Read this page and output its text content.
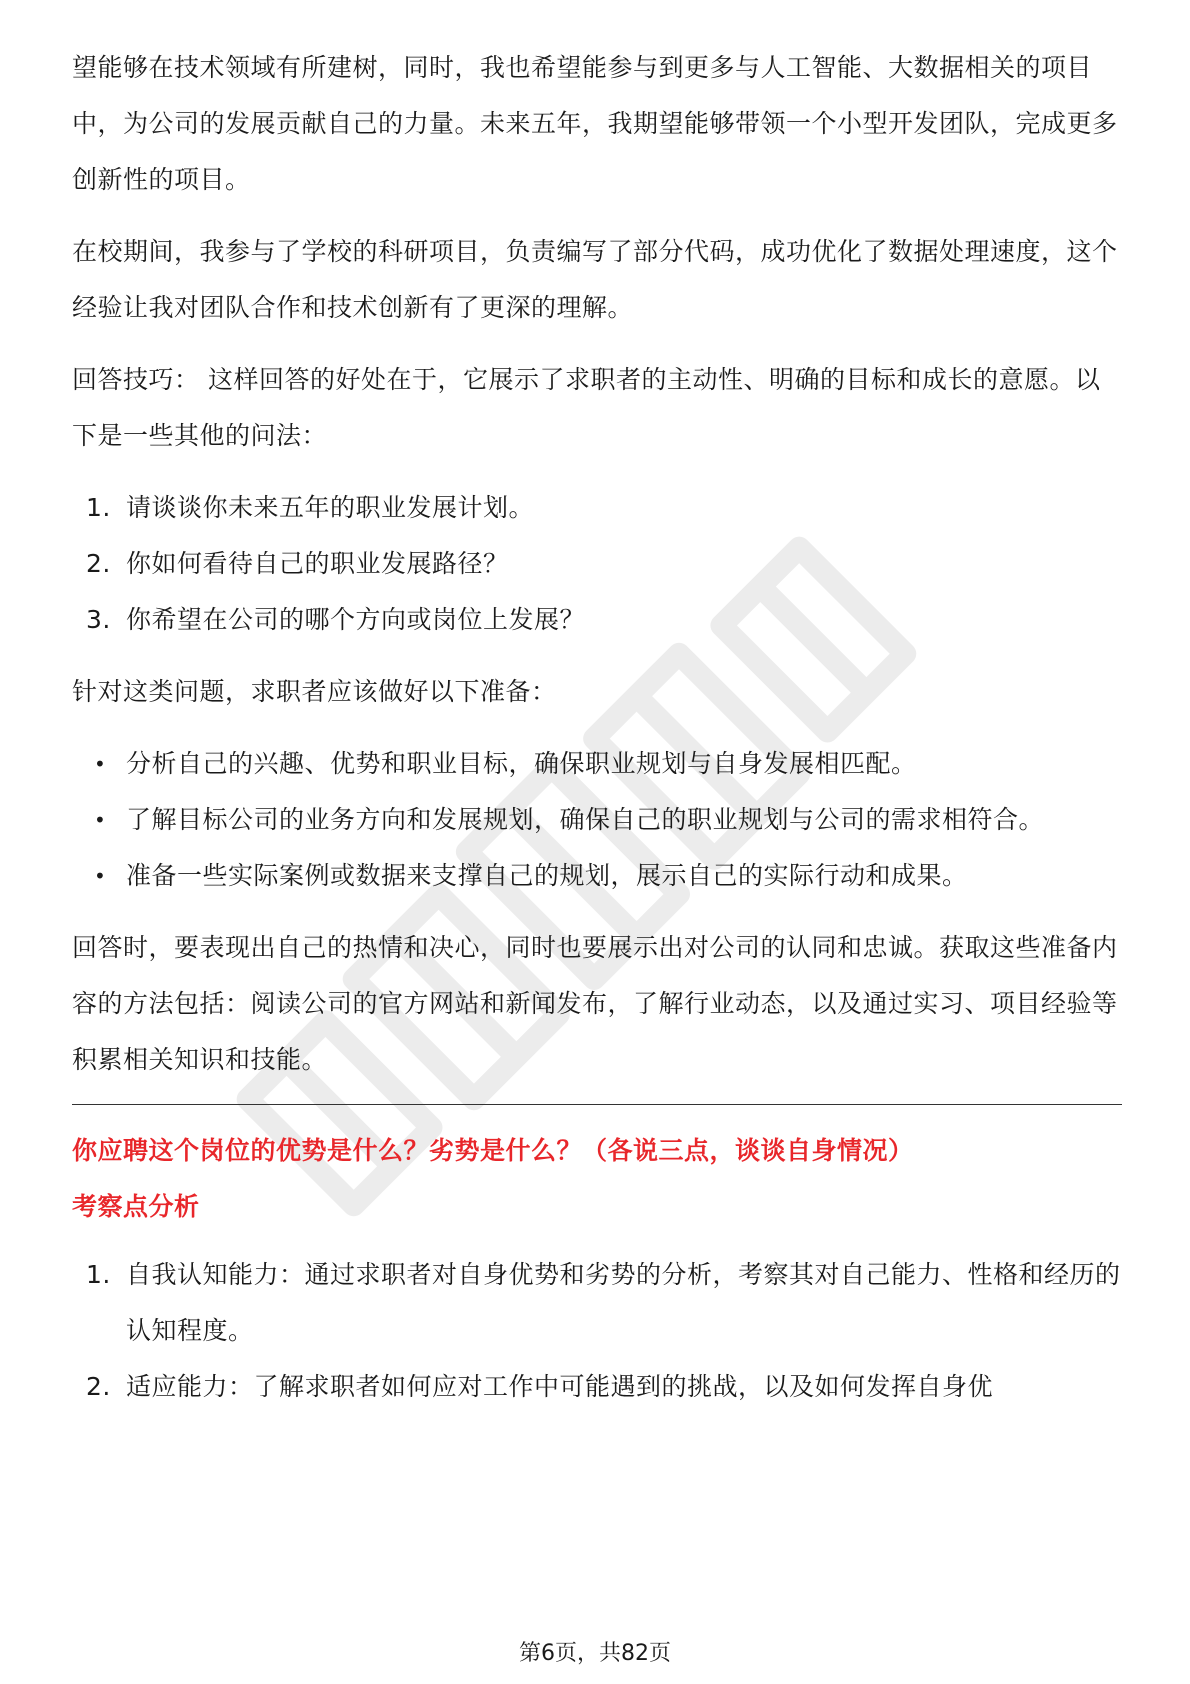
望能够在技术领域有所建树，同时，我也希望能参与到更多与人工智能、大数据相关的项目中，为公司的发展贡献自己的力量。未来五年，我期望能够带领一个小型开发团队，完成更多创新性的项目。

在校期间，我参与了学校的科研项目，负责编写了部分代码，成功优化了数据处理速度，这个经验让我对团队合作和技术创新有了更深的理解。

回答技巧： 这样回答的好处在于，它展示了求职者的主动性、明确的目标和成长的意愿。以下是一些其他的问法：

1. 请谈谈你未来五年的职业发展计划。
2. 你如何看待自己的职业发展路径？
3. 你希望在公司的哪个方向或岗位上发展？

针对这类问题，求职者应该做好以下准备：

• 分析自己的兴趣、优势和职业目标，确保职业规划与自身发展相匹配。
• 了解目标公司的业务方向和发展规划，确保自己的职业规划与公司的需求相符合。
• 准备一些实际案例或数据来支撑自己的规划，展示自己的实际行动和成果。

回答时，要表现出自己的热情和决心，同时也要展示出对公司的认同和忠诚。获取这些准备内容的方法包括：阅读公司的官方网站和新闻发布，了解行业动态，以及通过实习、项目经验等积累相关知识和技能。

你应聘这个岗位的优势是什么？劣势是什么？（各说三点，谈谈自身情况）
考察点分析
1. 自我认知能力：通过求职者对自身优势和劣势的分析，考察其对自己能力、性格和经历的认知程度。
2. 适应能力：了解求职者如何应对工作中可能遇到的挑战，以及如何发挥自身优
第6页，共82页
